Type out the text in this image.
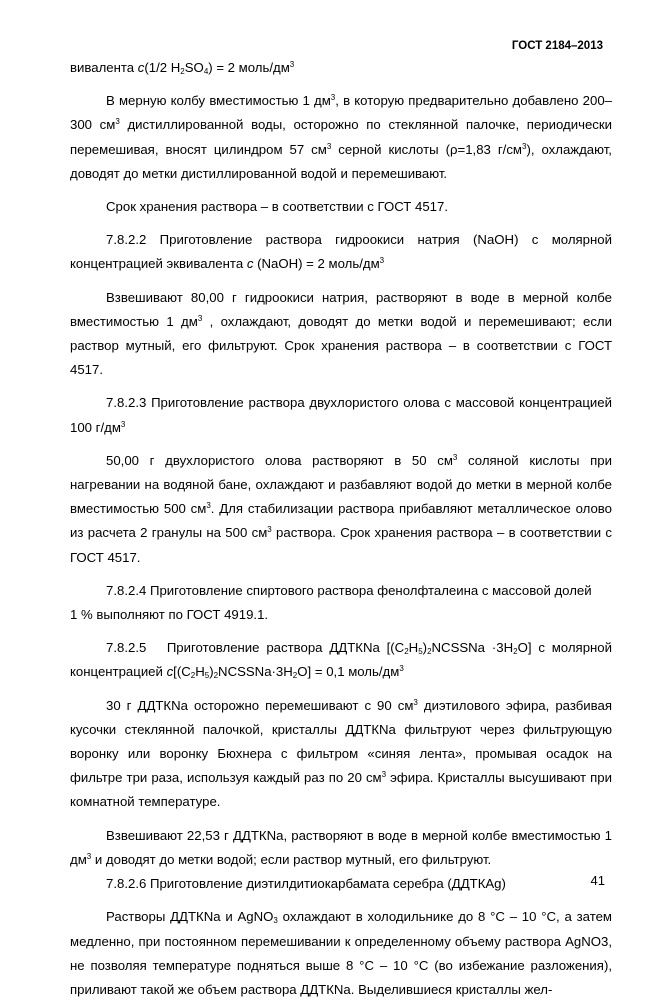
ГОСТ 2184–2013

вивалента c(1/2 $H_2SO_4) = 2$ моль/$дм^3$

В мерную колбу вместимостью 1 $дм^3$, в которую предварительно добавлено 200–300 $см^3$ дистиллированной воды, осторожно по стеклянной палочке, периодически перемешивая, вносят цилиндром 57 $см^3$ серной кислоты (ρ=1,83 $г/см^3$), охлаждают, доводят до метки дистиллированной водой и перемешивают.

Срок хранения раствора – в соответствии с ГОСТ 4517.

7.8.2.2 Приготовление раствора гидроокиси натрия (NaOH) с молярной концентрацией эквивалента c (NaOH) = 2 моль/$дм^3$

Взвешивают 80,00 г гидроокиси натрия, растворяют в воде в мерной колбе вместимостью 1 $дм^3$ , охлаждают, доводят до метки водой и перемешивают; если раствор мутный, его фильтруют. Срок хранения раствора – в соответствии с ГОСТ 4517.

7.8.2.3 Приготовление раствора двухлористого олова с массовой концентрацией 100 $г/дм^3$

50,00 г двухлористого олова растворяют в 50 $см^3$ соляной кислоты при нагревании на водяной бане, охлаждают и разбавляют водой до метки в мерной колбе вместимостью 500 $см^3$. Для стабилизации раствора прибавляют металлическое олово из расчета 2 гранулы на 500 $см^3$ раствора. Срок хранения раствора – в соответствии с ГОСТ 4517.

7.8.2.4 Приготовление спиртового раствора фенолфталеина с массовой долей
1 % выполняют по ГОСТ 4919.1.

7.8.2.5   Приготовление раствора ДДТКNa $[(C_2H_5)_2NCSSNa \cdot 3H_2O]$ с молярной концентрацией $c[(C_2H_5)_2NCSSNa\cdot 3H_2O] = 0,1$ моль/$дм^3$

30 г ДДТКNa осторожно перемешивают с 90 $см^3$ диэтилового эфира, разбивая кусочки стеклянной палочкой, кристаллы ДДТКNa фильтруют через фильтрующую воронку или воронку Бюхнера с фильтром «синяя лента», промывая осадок на фильтре три раза, используя каждый раз по 20 $см^3$ эфира. Кристаллы высушивают при комнатной температуре.

Взвешивают 22,53 г ДДТКNa, растворяют в воде в мерной колбе вместимостью 1 $дм^3$ и доводят до метки водой; если раствор мутный, его фильтруют.

7.8.2.6 Приготовление диэтилдитиокарбамата серебра (ДДТКAg)

Растворы ДДТКNa и AgNO$_3$ охлаждают в холодильнике до 8 °С – 10 °С, а затем медленно, при постоянном перемешивании к определенному объему раствора AgNO3, не позволяя температуре подняться выше 8 °С – 10 °С (во избежание разложения), приливают такой же объем раствора ДДТКNa. Выделившиеся кристаллы жел-

41
